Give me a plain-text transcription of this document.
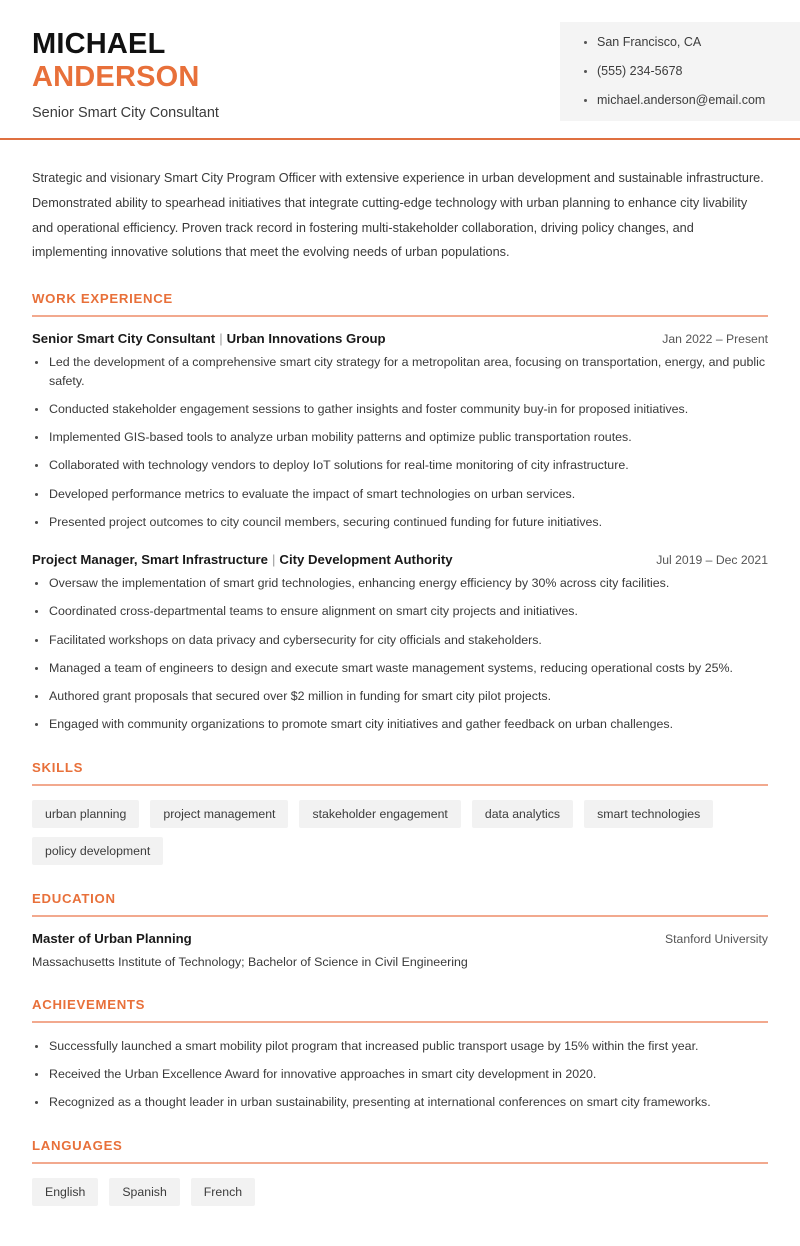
MICHAEL
ANDERSON
Senior Smart City Consultant
San Francisco, CA
(555) 234-5678
michael.anderson@email.com

Strategic and visionary Smart City Program Officer with extensive experience in urban development and sustainable infrastructure. Demonstrated ability to spearhead initiatives that integrate cutting-edge technology with urban planning to enhance city livability and operational efficiency. Proven track record in fostering multi-stakeholder collaboration, driving policy changes, and implementing innovative solutions that meet the evolving needs of urban populations.

WORK EXPERIENCE
Senior Smart City Consultant | Urban Innovations Group	Jan 2022 – Present
Led the development of a comprehensive smart city strategy for a metropolitan area, focusing on transportation, energy, and public safety.
Conducted stakeholder engagement sessions to gather insights and foster community buy-in for proposed initiatives.
Implemented GIS-based tools to analyze urban mobility patterns and optimize public transportation routes.
Collaborated with technology vendors to deploy IoT solutions for real-time monitoring of city infrastructure.
Developed performance metrics to evaluate the impact of smart technologies on urban services.
Presented project outcomes to city council members, securing continued funding for future initiatives.
Project Manager, Smart Infrastructure | City Development Authority	Jul 2019 – Dec 2021
Oversaw the implementation of smart grid technologies, enhancing energy efficiency by 30% across city facilities.
Coordinated cross-departmental teams to ensure alignment on smart city projects and initiatives.
Facilitated workshops on data privacy and cybersecurity for city officials and stakeholders.
Managed a team of engineers to design and execute smart waste management systems, reducing operational costs by 25%.
Authored grant proposals that secured over $2 million in funding for smart city pilot projects.
Engaged with community organizations to promote smart city initiatives and gather feedback on urban challenges.
SKILLS
urban planning	project management	stakeholder engagement	data analytics	smart technologies
policy development
EDUCATION
Master of Urban Planning	Stanford University
Massachusetts Institute of Technology; Bachelor of Science in Civil Engineering
ACHIEVEMENTS
Successfully launched a smart mobility pilot program that increased public transport usage by 15% within the first year.
Received the Urban Excellence Award for innovative approaches in smart city development in 2020.
Recognized as a thought leader in urban sustainability, presenting at international conferences on smart city frameworks.
LANGUAGES
English	Spanish	French
